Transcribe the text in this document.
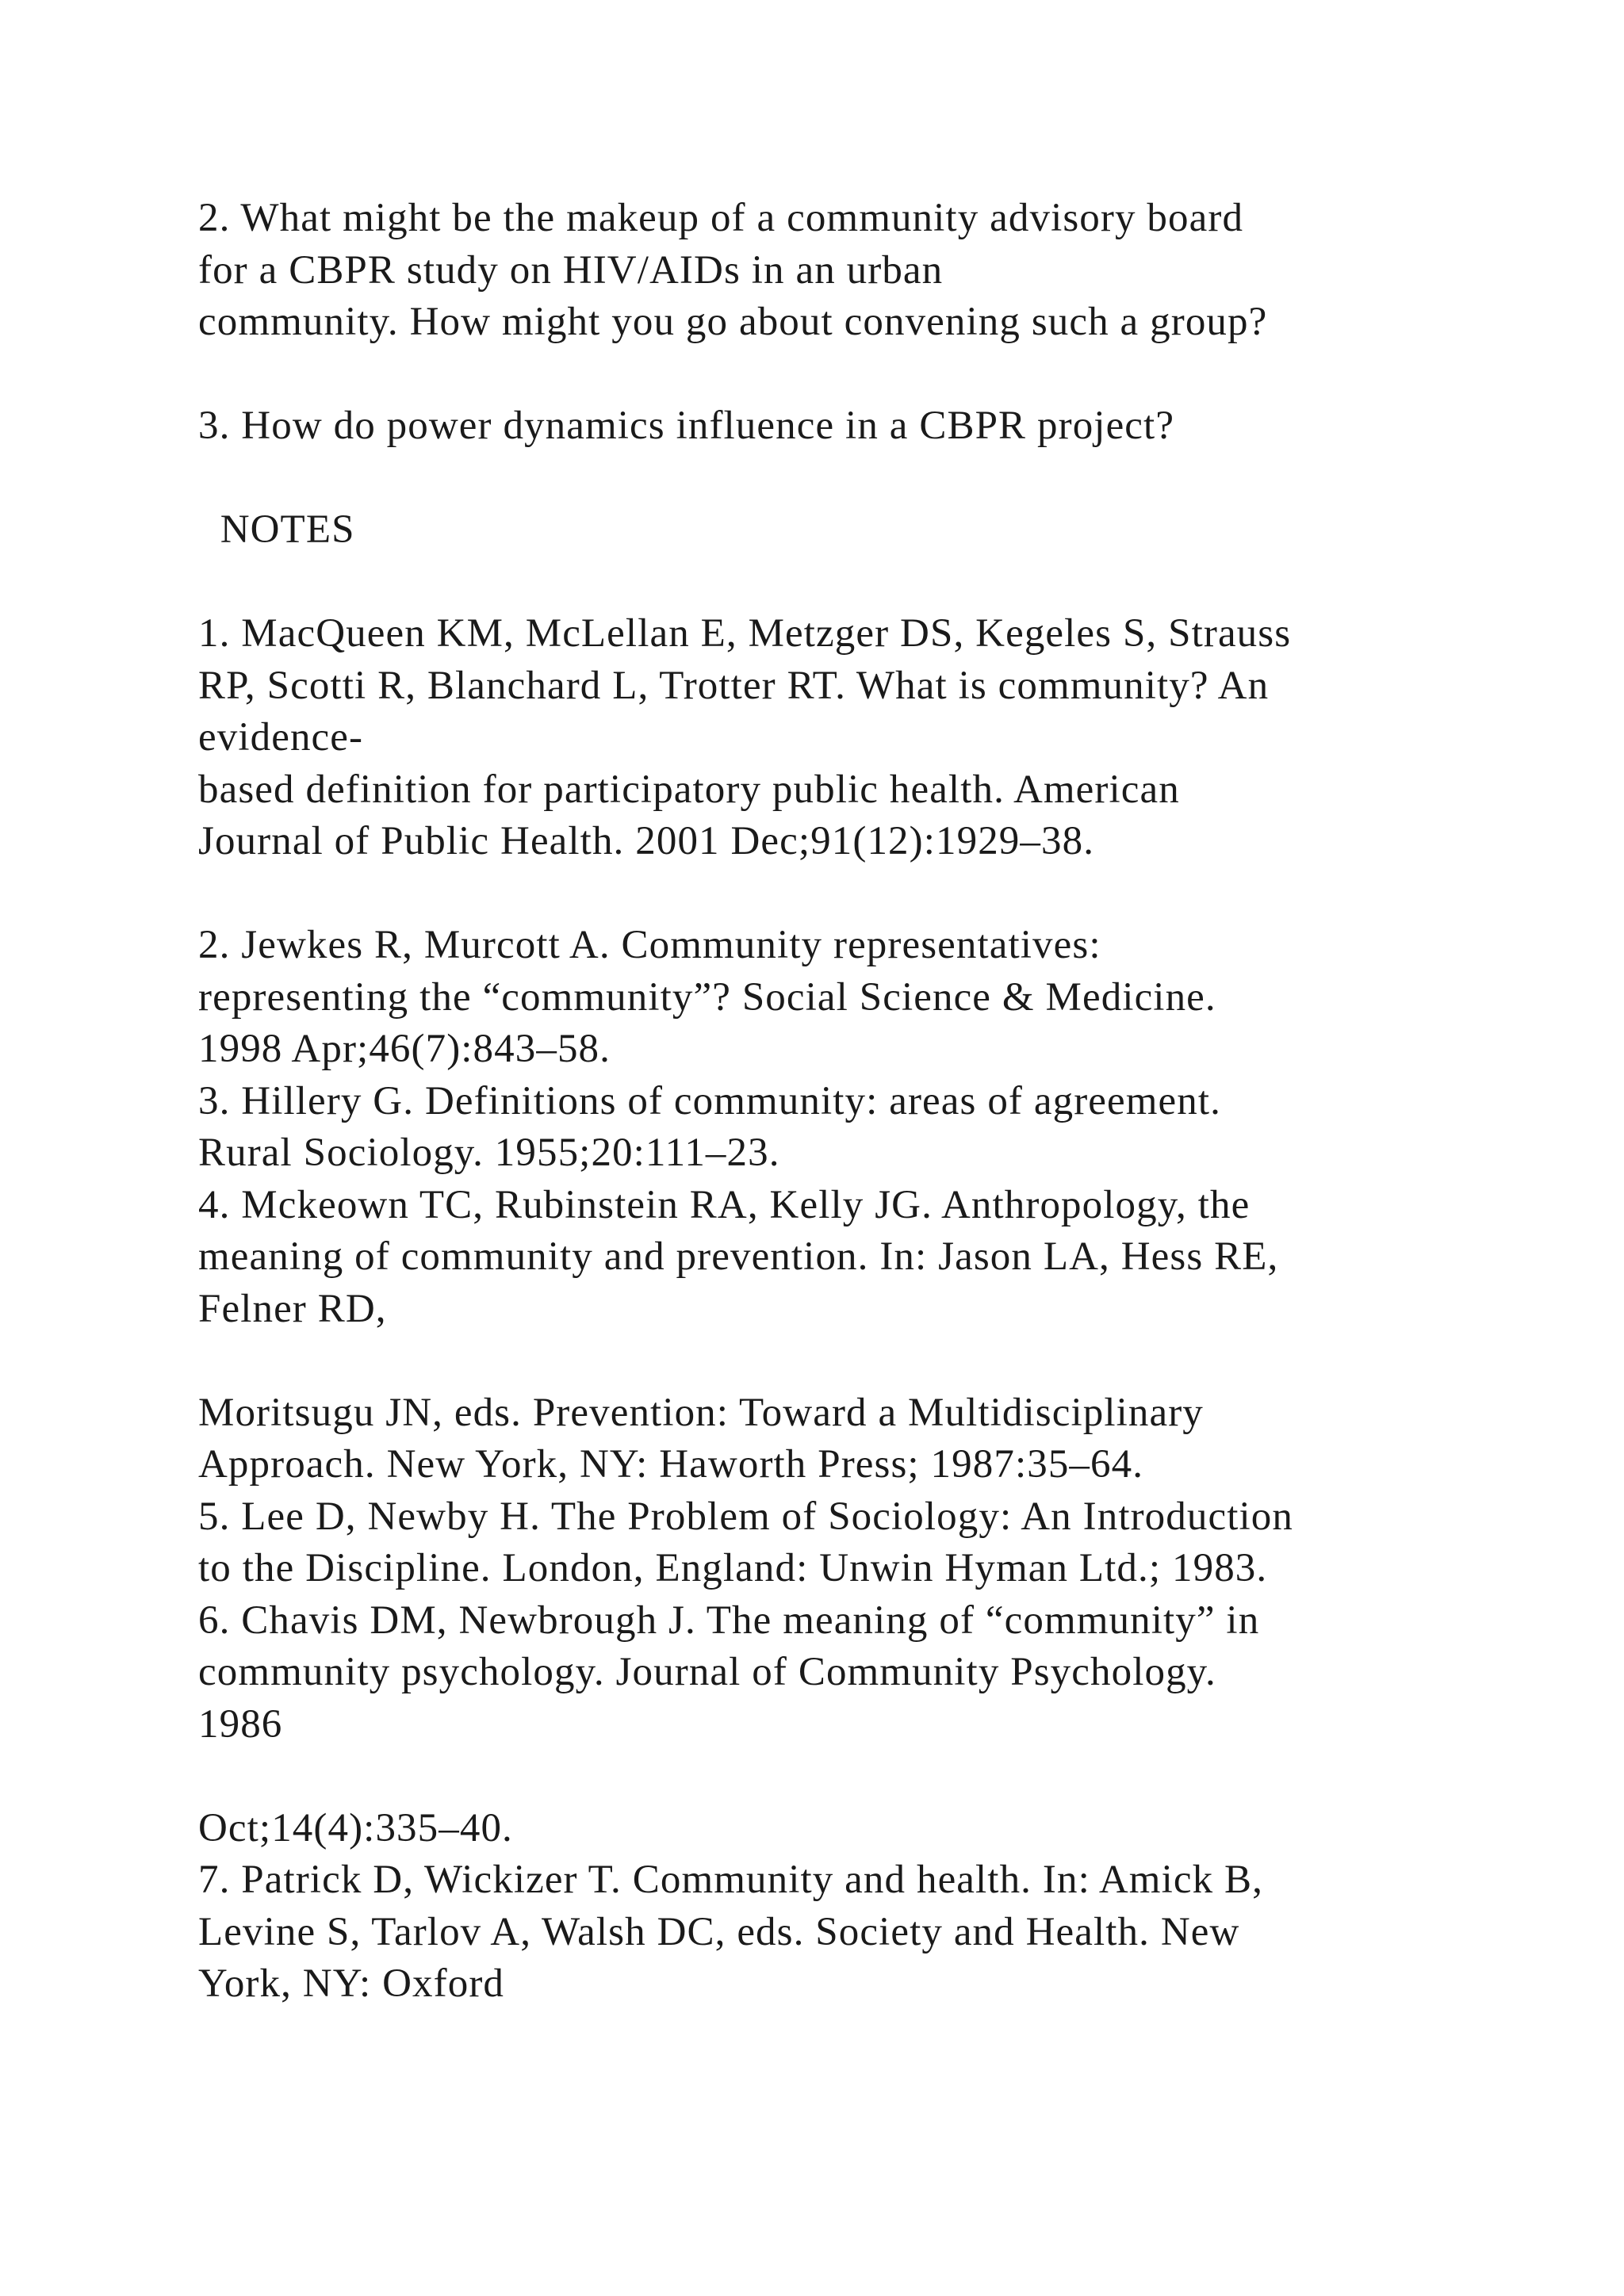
2. What might be the makeup of a community advisory board
for a CBPR study on HIV/AIDs in an urban
community. How might you go about convening such a group?
3. How do power dynamics influence in a CBPR project?
NOTES
1. MacQueen KM, McLellan E, Metzger DS, Kegeles S, Strauss
RP, Scotti R, Blanchard L, Trotter RT. What is community? An
evidence-
based definition for participatory public health. American
Journal of Public Health. 2001 Dec;91(12):1929–38.
2. Jewkes R, Murcott A. Community representatives:
representing the “community”? Social Science & Medicine.
1998 Apr;46(7):843–58.
3. Hillery G. Definitions of community: areas of agreement.
Rural Sociology. 1955;20:111–23.
4. Mckeown TC, Rubinstein RA, Kelly JG. Anthropology, the
meaning of community and prevention. In: Jason LA, Hess RE,
Felner RD,
Moritsugu JN, eds. Prevention: Toward a Multidisciplinary
Approach. New York, NY: Haworth Press; 1987:35–64.
5. Lee D, Newby H. The Problem of Sociology: An Introduction
to the Discipline. London, England: Unwin Hyman Ltd.; 1983.
6. Chavis DM, Newbrough J. The meaning of “community” in
community psychology. Journal of Community Psychology.
1986
Oct;14(4):335–40.
7. Patrick D, Wickizer T. Community and health. In: Amick B,
Levine S, Tarlov A, Walsh DC, eds. Society and Health. New
York, NY: Oxford
